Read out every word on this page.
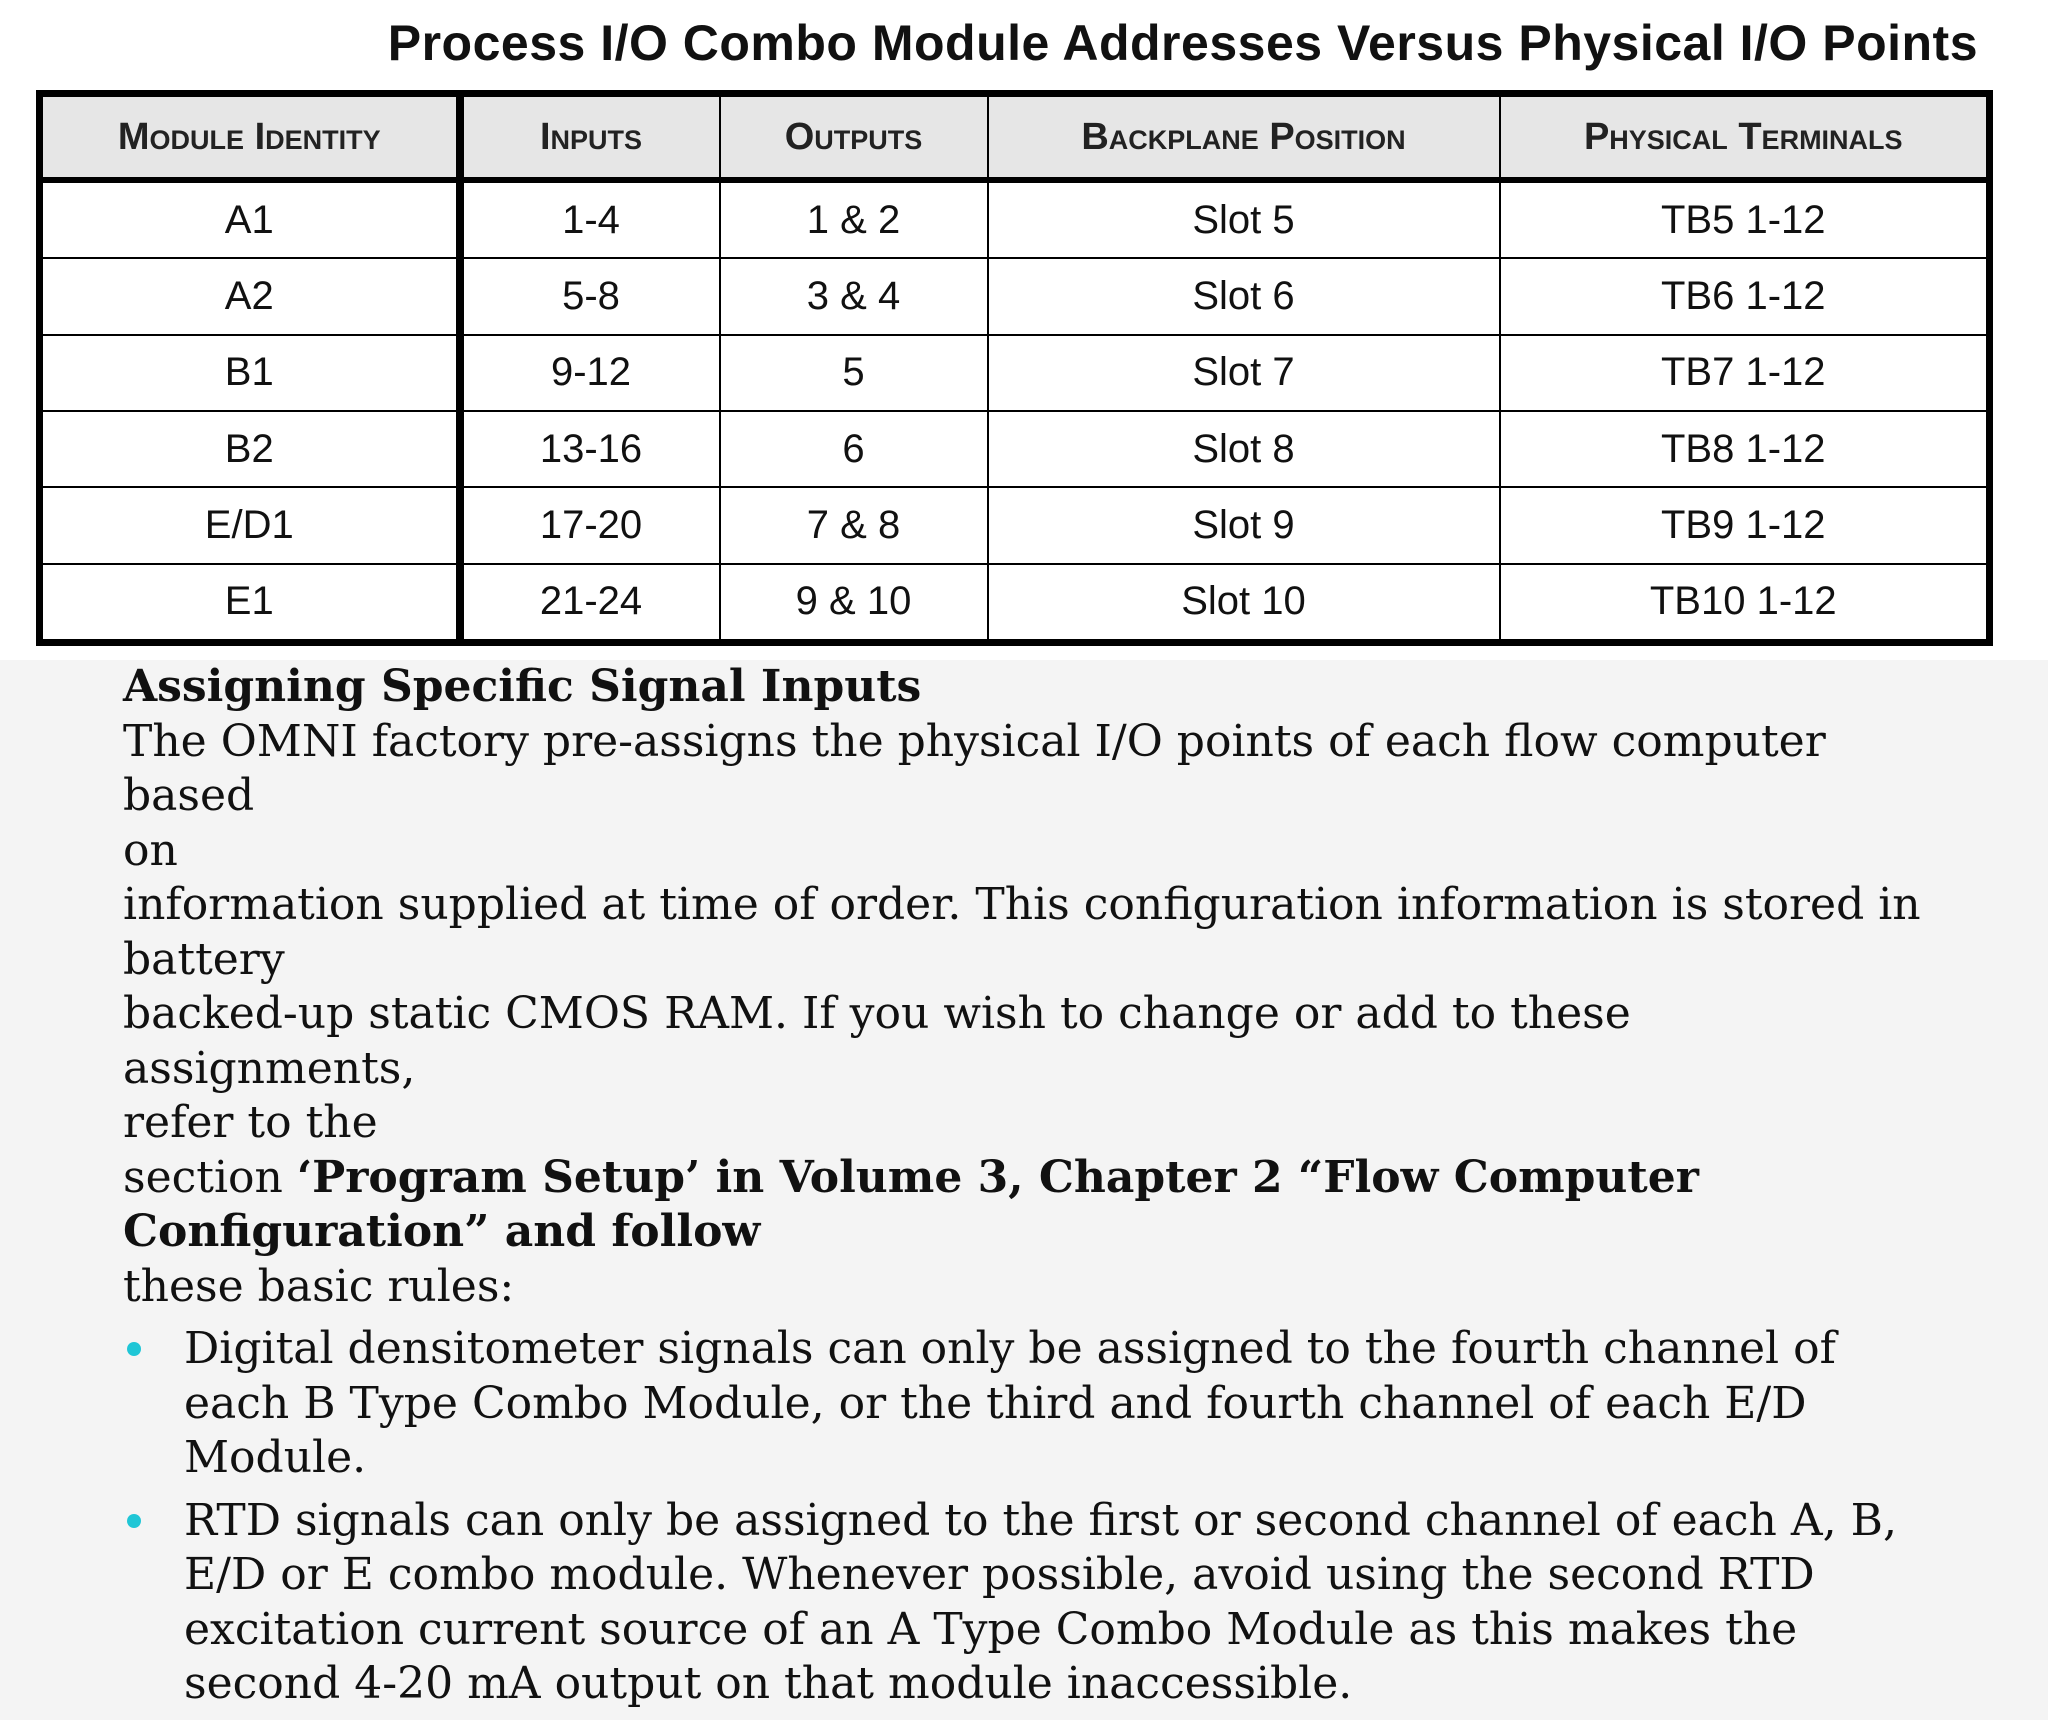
Process I/O Combo Module Addresses Versus Physical I/O Points
Module Identity	Inputs	Outputs	Backplane Position	Physical Terminals
A1	1-4	1 & 2	Slot 5	TB5 1-12
A2	5-8	3 & 4	Slot 6	TB6 1-12
B1	9-12	5	Slot 7	TB7 1-12
B2	13-16	6	Slot 8	TB8 1-12
E/D1	17-20	7 & 8	Slot 9	TB9 1-12
E1	21-24	9 & 10	Slot 10	TB10 1-12
Assigning Specific Signal Inputs

The OMNI factory pre-assigns the physical I/O points of each flow computer based

on

information supplied at time of order. This configuration information is stored in

battery

backed-up static CMOS RAM. If you wish to change or add to these assignments,

refer to the

section ‘Program Setup’ in Volume 3, Chapter 2 “Flow Computer

Configuration” and follow

these basic rules:

Digital densitometer signals can only be assigned to the fourth channel of each B Type Combo Module, or the third and fourth channel of each E/D Module.
RTD signals can only be assigned to the first or second channel of each A, B, E/D or E combo module. Whenever possible, avoid using the second RTD excitation current source of an A Type Combo Module as this makes the second 4-20 mA output on that module inaccessible.
